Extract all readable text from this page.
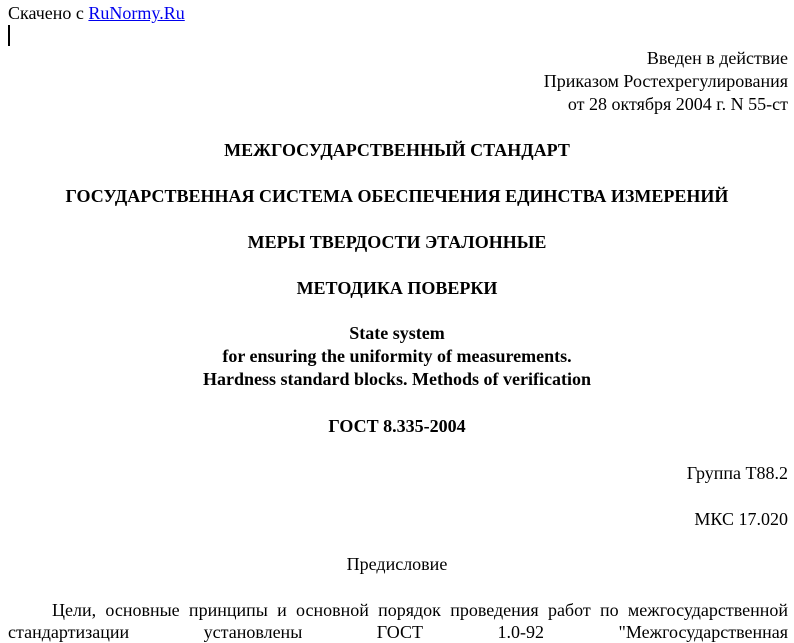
Скачено с RuNormy.Ru
Введен в действие
Приказом Ростехрегулирования
от 28 октября 2004 г. N 55-ст
МЕЖГОСУДАРСТВЕННЫЙ СТАНДАРТ
ГОСУДАРСТВЕННАЯ СИСТЕМА ОБЕСПЕЧЕНИЯ ЕДИНСТВА ИЗМЕРЕНИЙ
МЕРЫ ТВЕРДОСТИ ЭТАЛОННЫЕ
МЕТОДИКА ПОВЕРКИ
State system
for ensuring the uniformity of measurements.
Hardness standard blocks. Methods of verification
ГОСТ 8.335-2004
Группа Т88.2
МКС 17.020
Предисловие
Цели, основные принципы и основной порядок проведения работ по межгосударственной стандартизации установлены ГОСТ 1.0-92 "Межгосударственная
